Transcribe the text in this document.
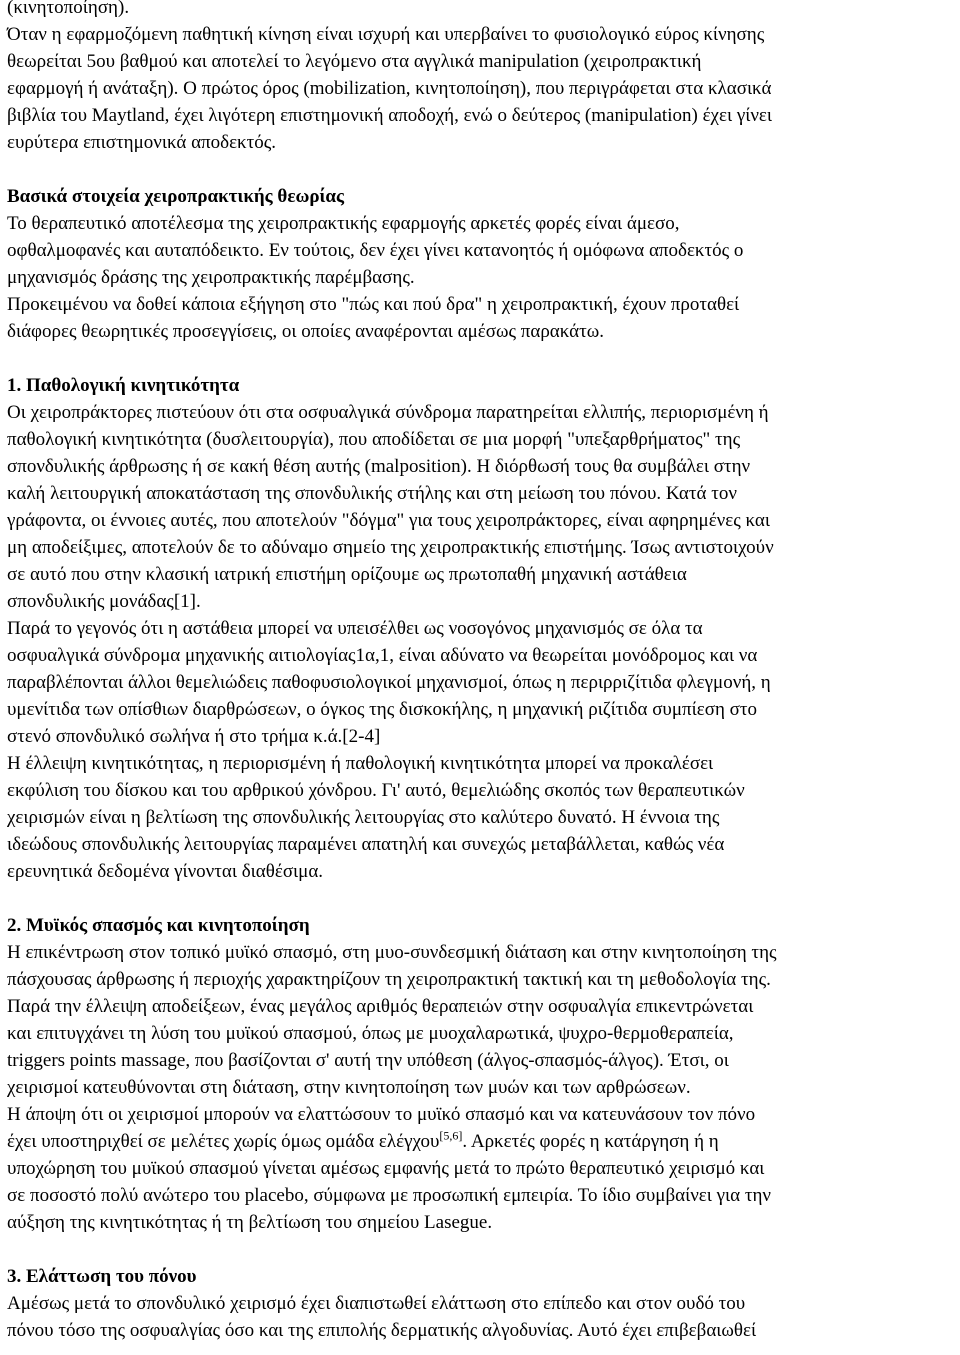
(κινητοποίηση).
Όταν η εφαρμοζόμενη παθητική κίνηση είναι ισχυρή και υπερβαίνει το φυσιολογικό εύρος κίνησης
θεωρείται 5ου βαθμού και αποτελεί το λεγόμενο στα αγγλικά manipulation (χειροπρακτική
εφαρμογή ή ανάταξη). Ο πρώτος όρος (mobilization, κινητοποίηση), που περιγράφεται στα κλασικά
βιβλία του Maytland, έχει λιγότερη επιστημονική αποδοχή, ενώ ο δεύτερος (manipulation) έχει γίνει
ευρύτερα επιστημονικά αποδεκτός.
Βασικά στοιχεία χειροπρακτικής θεωρίας
Το θεραπευτικό αποτέλεσμα της χειροπρακτικής εφαρμογής αρκετές φορές είναι άμεσο,
οφθαλμοφανές και αυταπόδεικτο. Εν τούτοις, δεν έχει γίνει κατανοητός ή ομόφωνα αποδεκτός ο
μηχανισμός δράσης της χειροπρακτικής παρέμβασης.
Προκειμένου να δοθεί κάποια εξήγηση στο "πώς και πού δρα" η χειροπρακτική, έχουν προταθεί
διάφορες θεωρητικές προσεγγίσεις, οι οποίες αναφέρονται αμέσως παρακάτω.
1. Παθολογική κινητικότητα
Οι χειροπράκτορες πιστεύουν ότι στα οσφυαλγικά σύνδρομα παρατηρείται ελλιπής, περιορισμένη ή
παθολογική κινητικότητα (δυσλειτουργία), που αποδίδεται σε μια μορφή "υπεξαρθρήματος" της
σπονδυλικής άρθρωσης ή σε κακή θέση αυτής (malposition). Η διόρθωσή τους θα συμβάλει στην
καλή λειτουργική αποκατάσταση της σπονδυλικής στήλης και στη μείωση του πόνου. Κατά τον
γράφοντα, οι έννοιες αυτές, που αποτελούν "δόγμα" για τους χειροπράκτορες, είναι αφηρημένες και
μη αποδείξιμες, αποτελούν δε το αδύναμο σημείο της χειροπρακτικής επιστήμης. Ίσως αντιστοιχούν
σε αυτό που στην κλασική ιατρική επιστήμη ορίζουμε ως πρωτοπαθή μηχανική αστάθεια
σπονδυλικής μονάδας[1].
Παρά το γεγονός ότι η αστάθεια μπορεί να υπεισέλθει ως νοσογόνος μηχανισμός σε όλα τα
οσφυαλγικά σύνδρομα μηχανικής αιτιολογίας1α,1, είναι αδύνατο να θεωρείται μονόδρομος και να
παραβλέπονται άλλοι θεμελιώδεις παθοφυσιολογικοί μηχανισμοί, όπως η περιρριζίτιδα φλεγμονή, η
υμενίτιδα των οπίσθιων διαρθρώσεων, ο όγκος της δισκοκήλης, η μηχανική ριζίτιδα συμπίεση στο
στενό σπονδυλικό σωλήνα ή στο τρήμα κ.ά.[2-4]
Η έλλειψη κινητικότητας, η περιορισμένη ή παθολογική κινητικότητα μπορεί να προκαλέσει
εκφύλιση του δίσκου και του αρθρικού χόνδρου. Γι' αυτό, θεμελιώδης σκοπός των θεραπευτικών
χειρισμών είναι η βελτίωση της σπονδυλικής λειτουργίας στο καλύτερο δυνατό. Η έννοια της
ιδεώδους σπονδυλικής λειτουργίας παραμένει απατηλή και συνεχώς μεταβάλλεται, καθώς νέα
ερευνητικά δεδομένα γίνονται διαθέσιμα.
2. Μυϊκός σπασμός και κινητοποίηση
Η επικέντρωση στον τοπικό μυϊκό σπασμό, στη μυο-συνδεσμική διάταση και στην κινητοποίηση της
πάσχουσας άρθρωσης ή περιοχής χαρακτηρίζουν τη χειροπρακτική τακτική και τη μεθοδολογία της.
Παρά την έλλειψη αποδείξεων, ένας μεγάλος αριθμός θεραπειών στην οσφυαλγία επικεντρώνεται
και επιτυγχάνει τη λύση του μυϊκού σπασμού, όπως με μυοχαλαρωτικά, ψυχρο-θερμοθεραπεία,
triggers points massage, που βασίζονται σ' αυτή την υπόθεση (άλγος-σπασμός-άλγος). Έτσι, οι
χειρισμοί κατευθύνονται στη διάταση, στην κινητοποίηση των μυών και των αρθρώσεων.
Η άποψη ότι οι χειρισμοί μπορούν να ελαττώσουν το μυϊκό σπασμό και να κατευνάσουν τον πόνο
έχει υποστηριχθεί σε μελέτες χωρίς όμως ομάδα ελέγχου[5,6]. Αρκετές φορές η κατάργηση ή η
υποχώρηση του μυϊκού σπασμού γίνεται αμέσως εμφανής μετά το πρώτο θεραπευτικό χειρισμό και
σε ποσοστό πολύ ανώτερο του placebo, σύμφωνα με προσωπική εμπειρία. Το ίδιο συμβαίνει για την
αύξηση της κινητικότητας ή τη βελτίωση του σημείου Lasegue.
3. Ελάττωση του πόνου
Αμέσως μετά το σπονδυλικό χειρισμό έχει διαπιστωθεί ελάττωση στο επίπεδο και στον ουδό του
πόνου τόσο της οσφυαλγίας όσο και της επιπολής δερματικής αλγοδυνίας. Αυτό έχει επιβεβαιωθεί
